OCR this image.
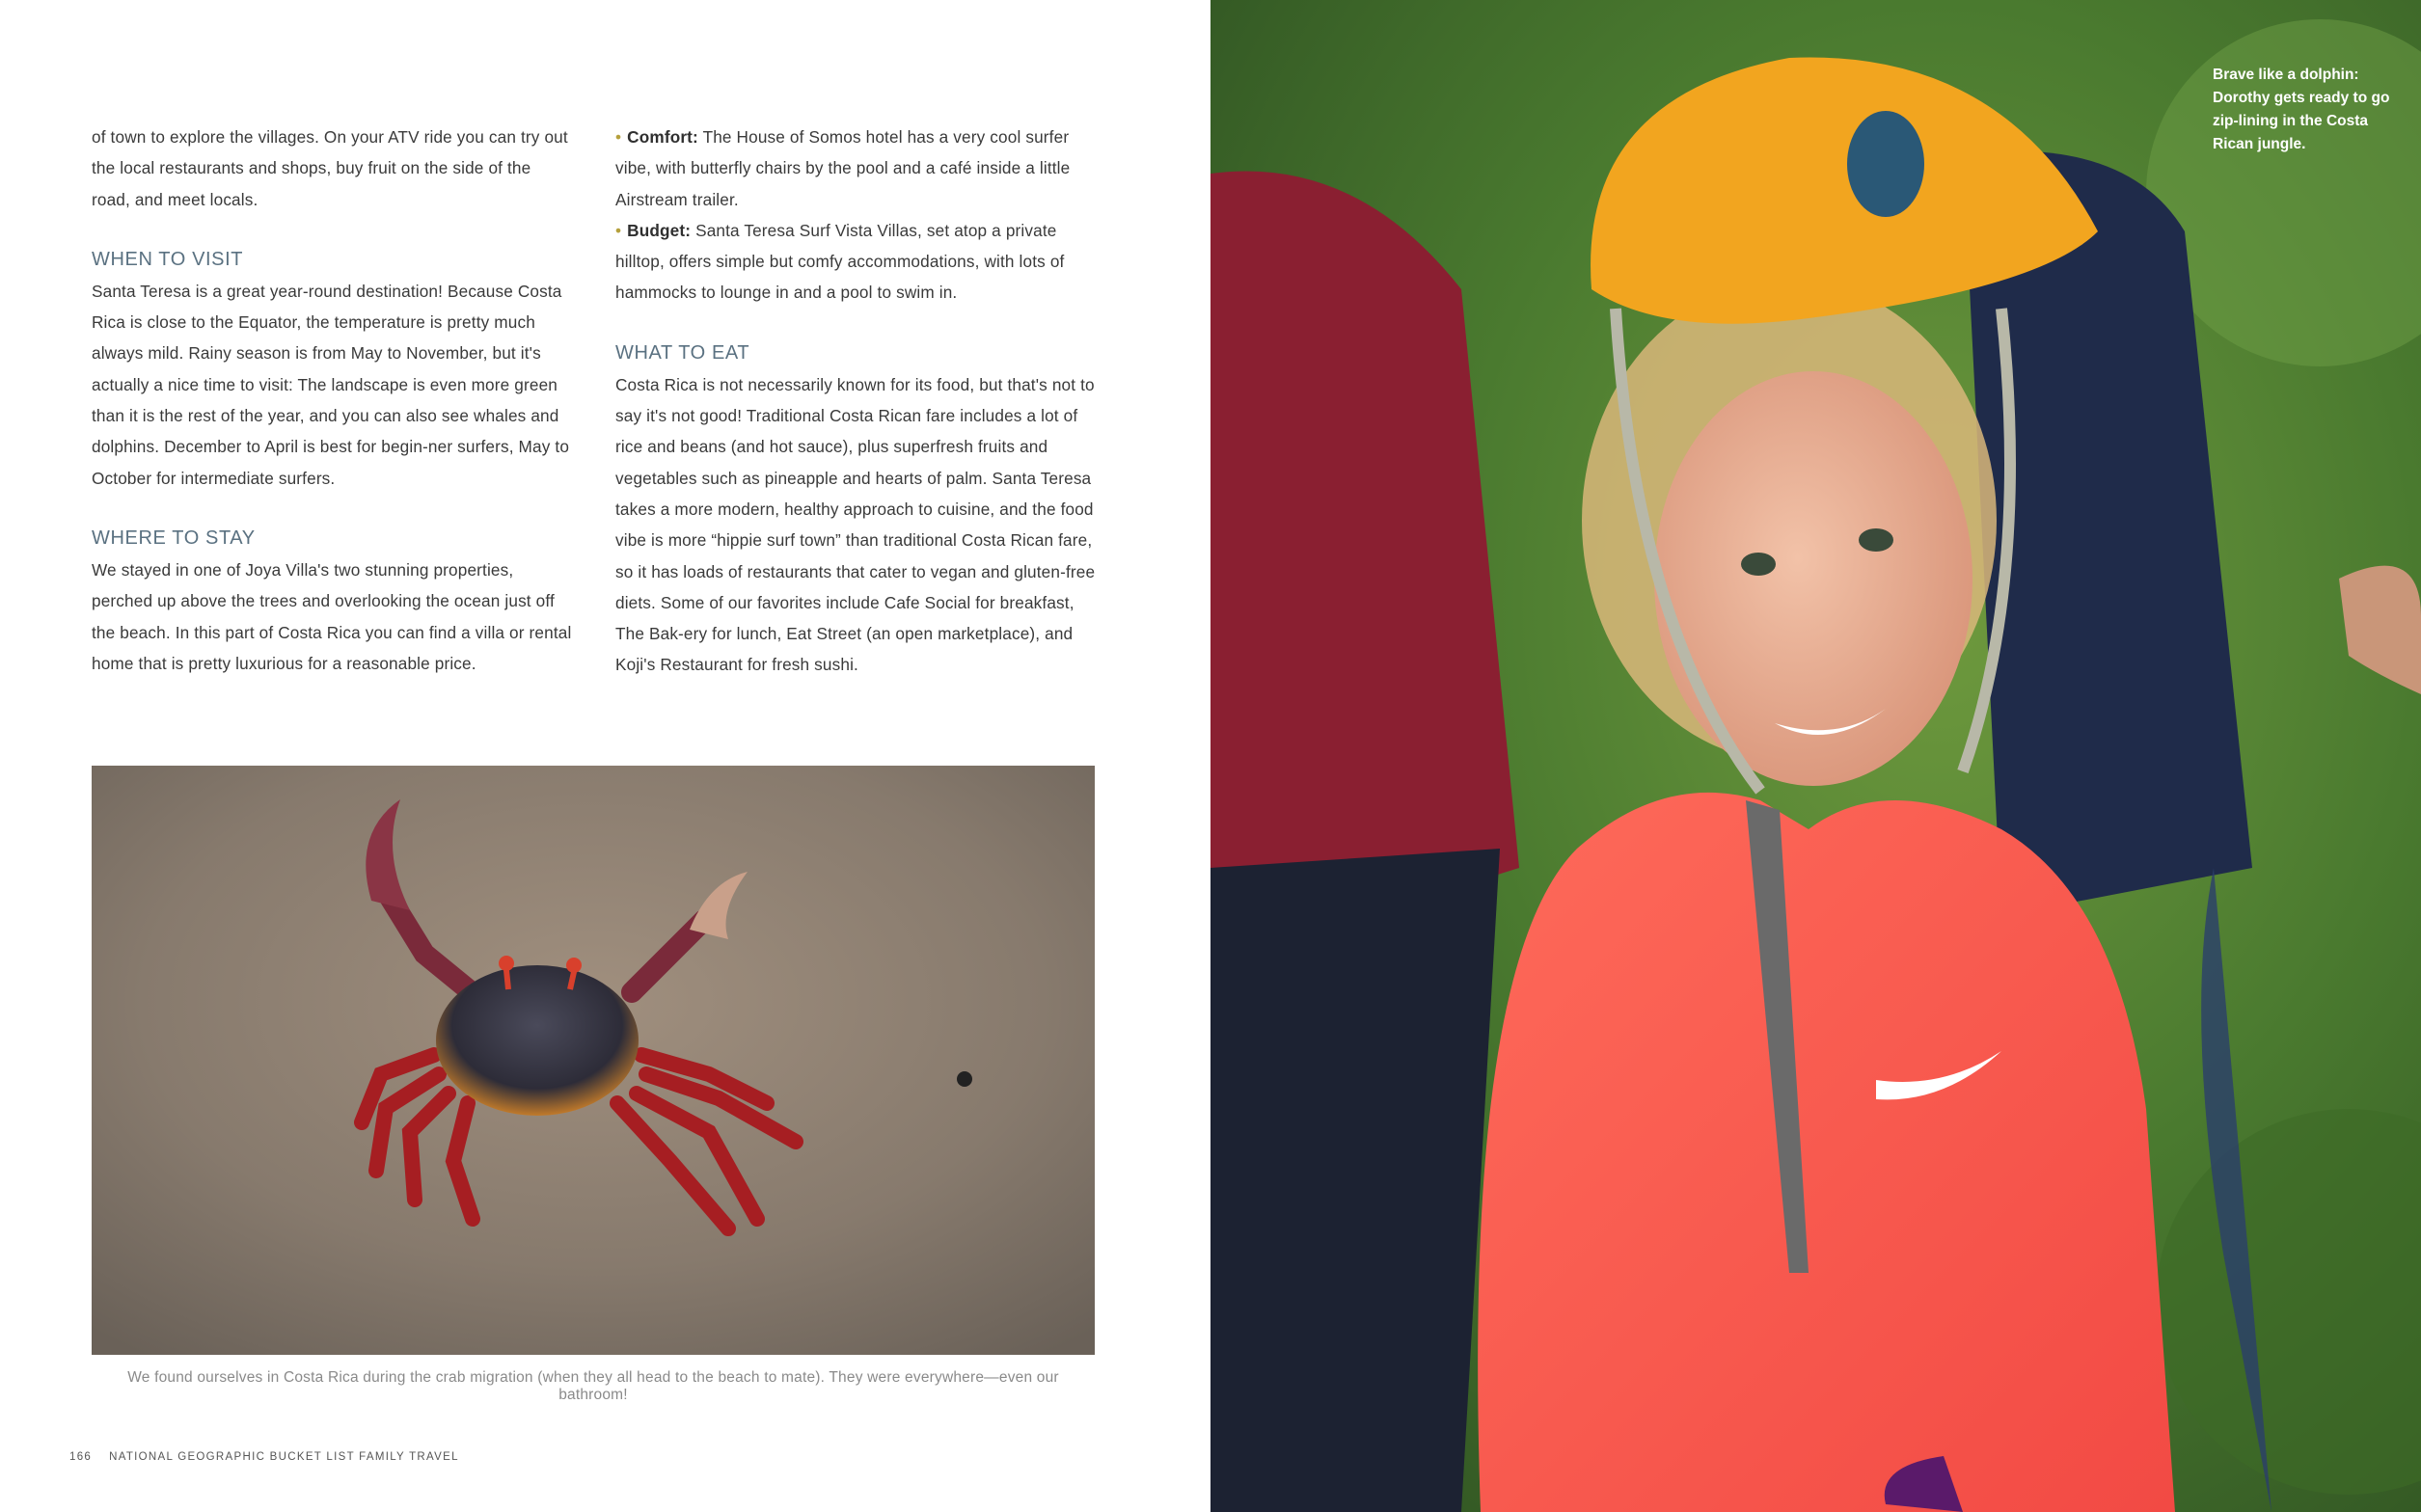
of town to explore the villages. On your ATV ride you can try out the local restaurants and shops, buy fruit on the side of the road, and meet locals.

WHEN TO VISIT

Santa Teresa is a great year-round destination! Because Costa Rica is close to the Equator, the temperature is pretty much always mild. Rainy season is from May to November, but it's actually a nice time to visit: The landscape is even more green than it is the rest of the year, and you can also see whales and dolphins. December to April is best for begin-ner surfers, May to October for intermediate surfers.

WHERE TO STAY

We stayed in one of Joya Villa's two stunning properties, perched up above the trees and overlooking the ocean just off the beach. In this part of Costa Rica you can find a villa or rental home that is pretty luxurious for a reasonable price.

• Comfort: The House of Somos hotel has a very cool surfer vibe, with butterfly chairs by the pool and a café inside a little Airstream trailer.
• Budget: Santa Teresa Surf Vista Villas, set atop a private hilltop, offers simple but comfy accommodations, with lots of hammocks to lounge in and a pool to swim in.
WHAT TO EAT

Costa Rica is not necessarily known for its food, but that's not to say it's not good! Traditional Costa Rican fare includes a lot of rice and beans (and hot sauce), plus superfresh fruits and vegetables such as pineapple and hearts of palm. Santa Teresa takes a more modern, healthy approach to cuisine, and the food vibe is more “hippie surf town” than traditional Costa Rican fare, so it has loads of restaurants that cater to vegan and gluten-free diets. Some of our favorites include Cafe Social for breakfast, The Bak-ery for lunch, Eat Street (an open marketplace), and Koji's Restaurant for fresh sushi.

We found ourselves in Costa Rica during the crab migration (when they all head to the beach to mate). They were everywhere—even our bathroom!
166 NATIONAL GEOGRAPHIC BUCKET LIST FAMILY TRAVEL
Brave like a dolphin: Dorothy gets ready to go zip-lining in the Costa Rican jungle.
